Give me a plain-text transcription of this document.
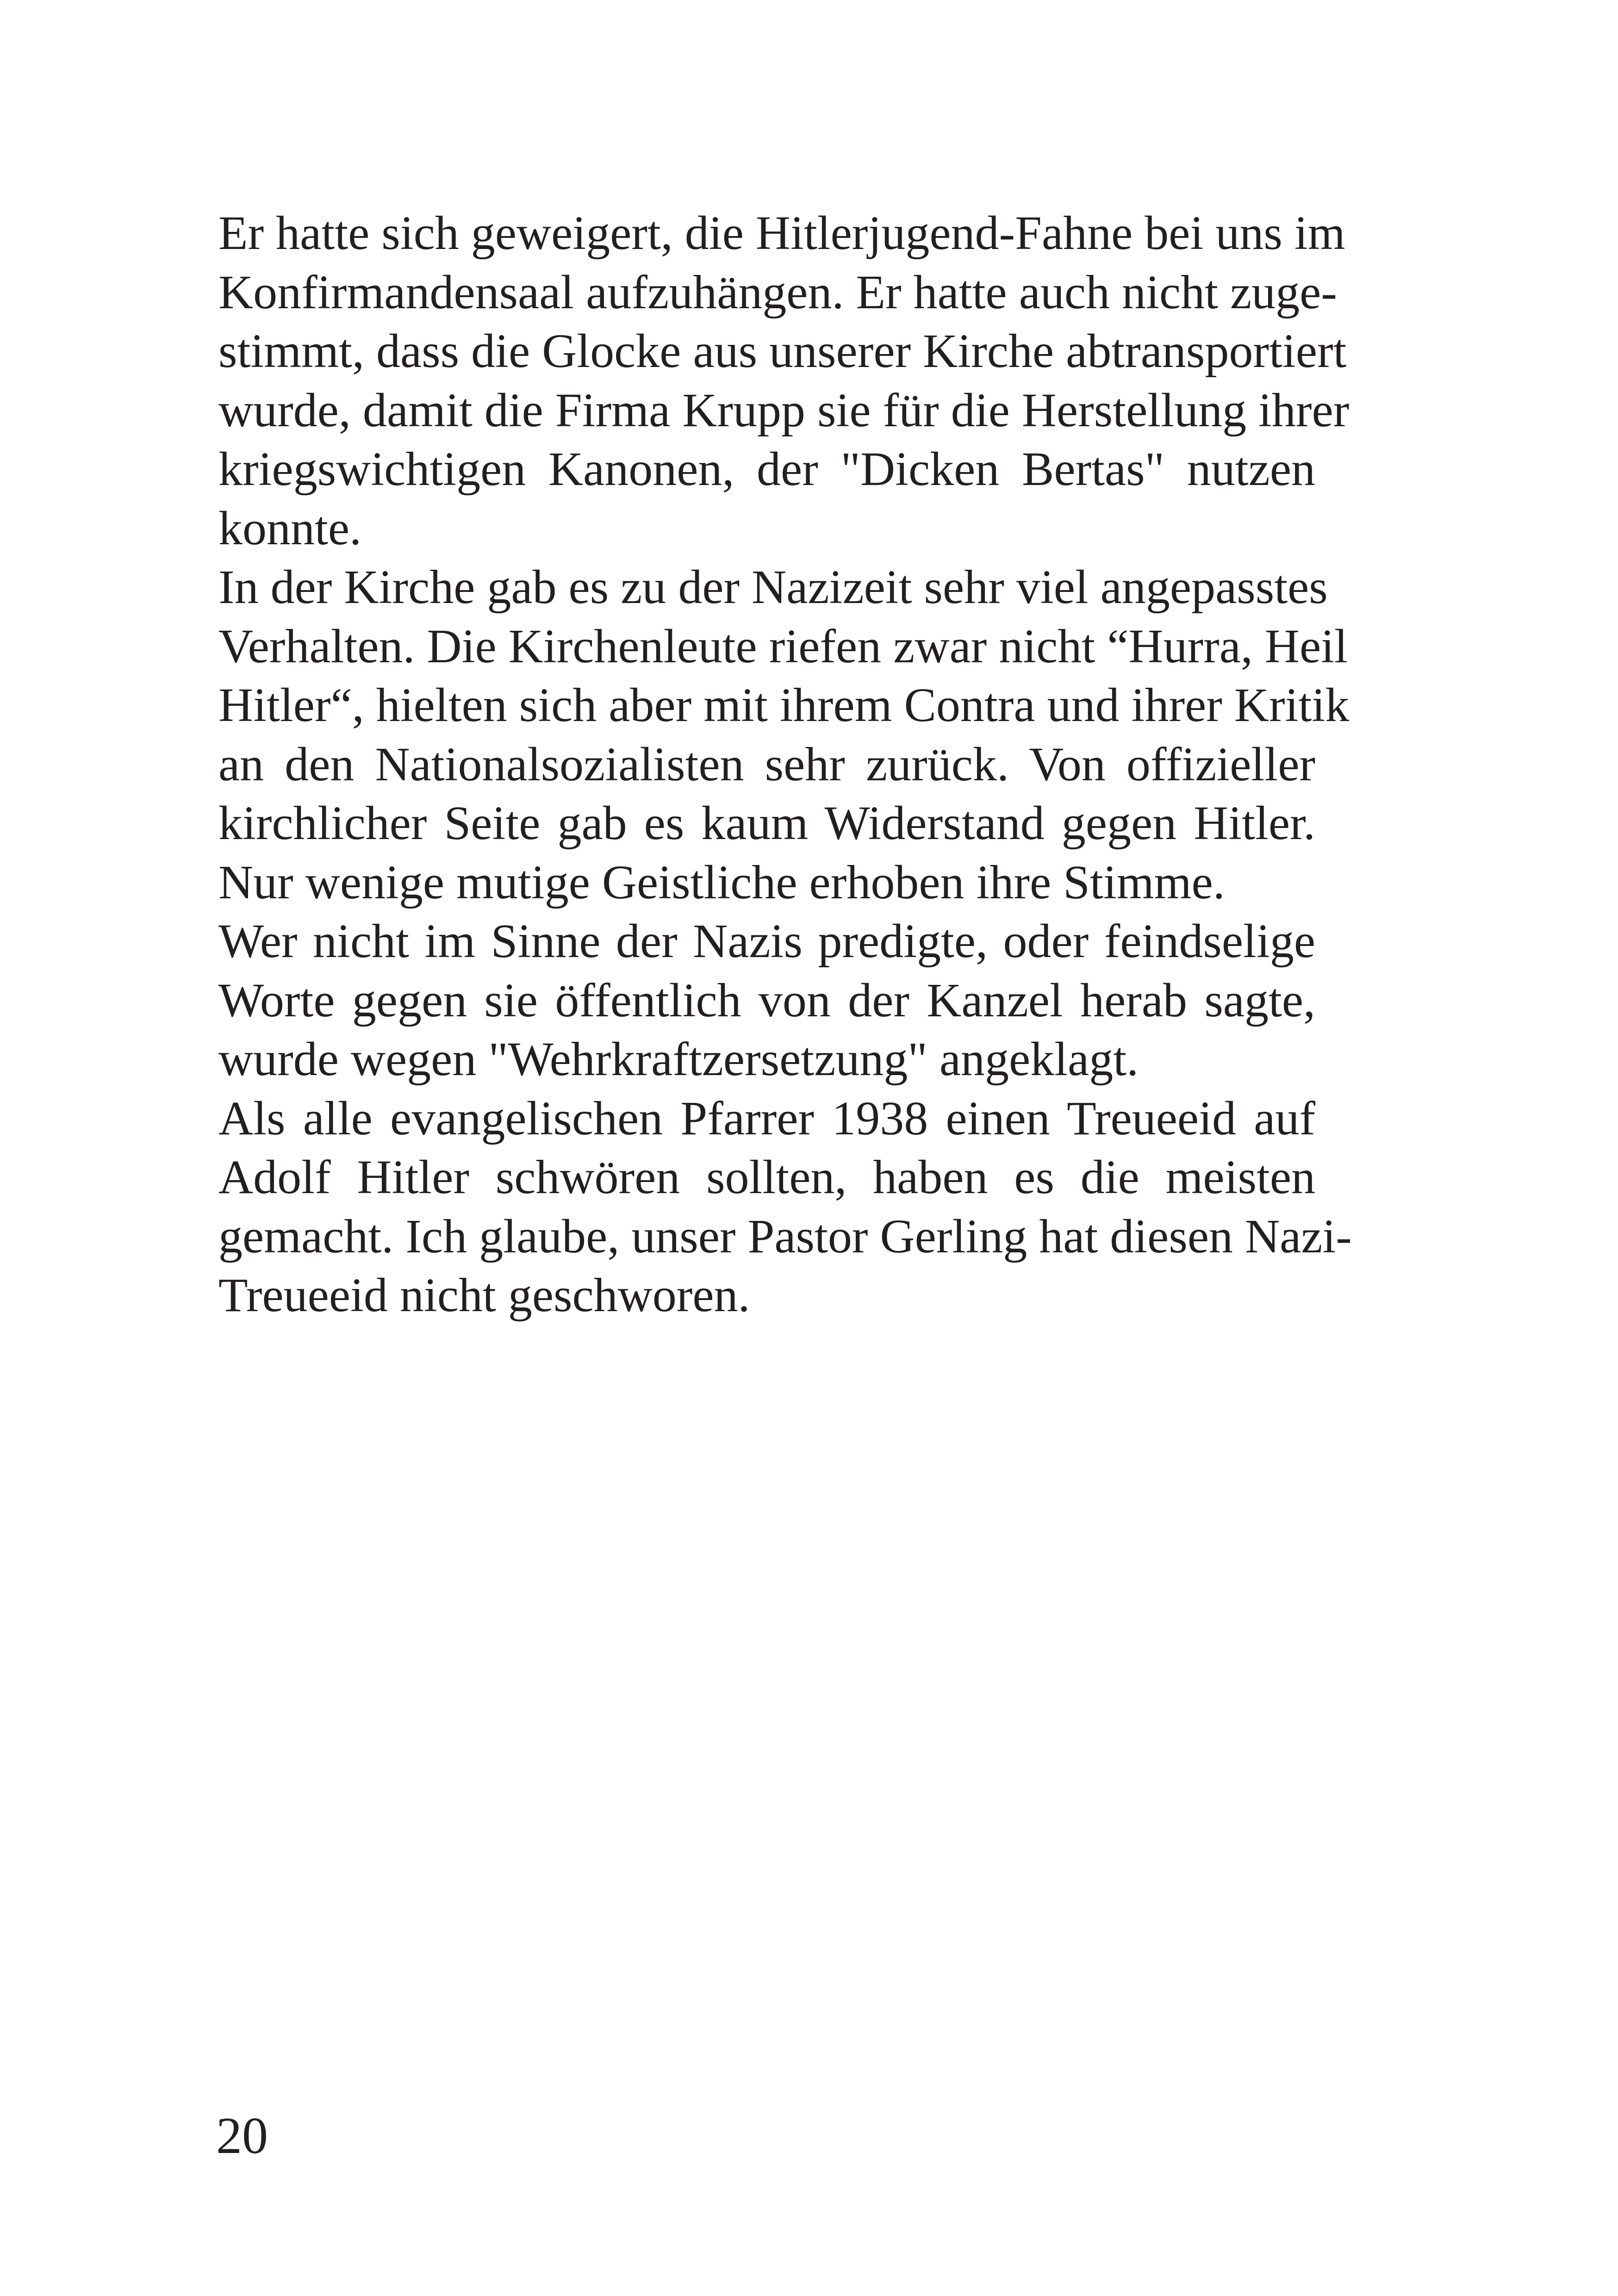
Er hatte sich geweigert, die Hitlerjugend-Fahne bei uns im
Konfirmandensaal aufzuhängen. Er hatte auch nicht zuge-
stimmt, dass die Glocke aus unserer Kirche abtransportiert
wurde, damit die Firma Krupp sie für die Herstellung ihrer
kriegswichtigen Kanonen, der "Dicken Bertas" nutzen
konnte.
In der Kirche gab es zu der Nazizeit sehr viel angepasstes
Verhalten. Die Kirchenleute riefen zwar nicht “Hurra, Heil
Hitler“, hielten sich aber mit ihrem Contra und ihrer Kritik
an den Nationalsozialisten sehr zurück. Von offizieller
kirchlicher Seite gab es kaum Widerstand gegen Hitler.
Nur wenige mutige Geistliche erhoben ihre Stimme.
Wer nicht im Sinne der Nazis predigte, oder feindselige
Worte gegen sie öffentlich von der Kanzel herab sagte,
wurde wegen "Wehrkraftzersetzung" angeklagt.
Als alle evangelischen Pfarrer 1938 einen Treueeid auf
Adolf Hitler schwören sollten, haben es die meisten
gemacht. Ich glaube, unser Pastor Gerling hat diesen Nazi-
Treueeid nicht geschworen.
20
